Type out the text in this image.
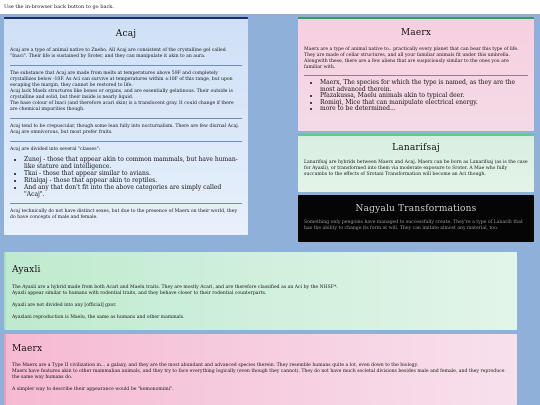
Use the in-browser back button to go back.
Acaj

Acaj are a type of animal native to Zneho. All Acaj are consistent of the crystalline gel called "Inaci". Their life is sustained by Sroter, and they can manipulate it akin to an aura.

The substance that Acaj are made from melts at temperatures above 59F and completely crystallizes below -10F. As Aci can survive at temperatures within ±10F of this range, but upon escaping the margin, they cannot be restored to life.

Acaj lack Maelx structures like bones or organs, and are essentially gelatinous. Their outside is crystalline and solid, but their inside is nearly liquid.

The base colour of Inaci (and therefore acari skin) is a translucent gray. It could change if there are chemical impurities though.

Acaj tend to be crepuscular, though some lean fully into nocturnalism. There are few diurnal Acaj.

Acaj are omnivorous, but most prefer fruits.

Acaj are divided into several "classes":

• Zunej - those that appear akin to common mammals, but have human-like stature and intelligence.
• Tkai - those that appear similar to avians.
• Ritalqaj - those that appear akin to reptiles.
• And any that don't fit into the above categories are simply called "Acaj".

Acaj technically do not have distinct sexes, but due to the presence of Maerx on their world, they do have concepts of male and female.

Maerx

Maerx are a type of animal native to.. practically every planet that can bear this type of life. They are made of cellar structures, and all your familiar animals fit under this umbrella. Alongwith these, there are a few aliens that are suspiciously similar to the ones you are familiar with.

• Maerx, The species for which the type is named, as they are the most advanced therein.
• Pfazakussa, Maelu animals akin to typical deer.
• Romiqi, Mice that can manipulate electrical energy.
• more to be determined...
Lanarifsaj

Lanarifsaj are hybrids between Maerx and Acaj. Maerx can be born as Lanarifsaj (as is the case for Ayaxli), or transformed into them via moderate exposure to Sroter. A Mae who fully succumbs to the effects of Srotani Transformation will become an Aci though.

Nagyalu Transformations

Something only pengoins have managed to successfully create. They're a type of Lanarih that has the ability to change its form at will. They can imitate almost any material, too.

Ayaxli

The Ayaxli are a hybrid made from both Acari and Maelu traits. They are mostly Acari, and are therefore classified as an Aci by the NHSF*.

Ayaxli appear similar to humans with rodential traits, and they behave closer to their rodential counterparts.

Ayaxli are not divided into any [official] gzor.

Ayaxlani reproduction is Maelu, the same as humans and other mammals.

Maerx

The Maerx are a Type II civilization in... a galaxy, and they are the most abundant and advanced species therein. They resemble humans quite a lot, even down to the biology.

Maerx have features akin to other mammalian animals, and they try to face everything logically (even though they cannot). They do not have much societal divisions besides male and female, and they reproduce the same way humans do.

A simpler way to describe their appearance would be "kemonomimi".
